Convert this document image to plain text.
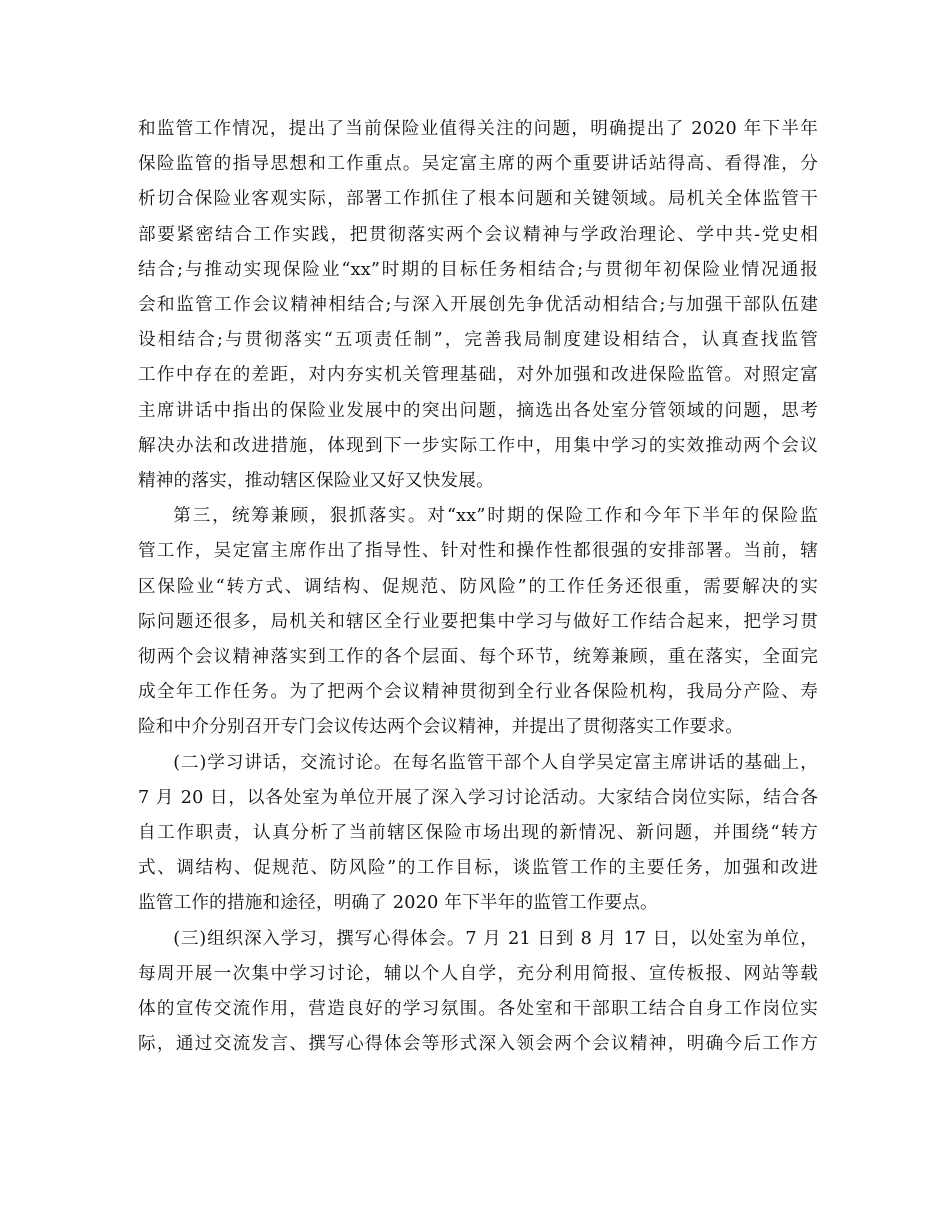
和监管工作情况，提出了当前保险业值得关注的问题，明确提出了 2020 年下半年
保险监管的指导思想和工作重点。吴定富主席的两个重要讲话站得高、看得准，分
析切合保险业客观实际，部署工作抓住了根本问题和关键领域。局机关全体监管干
部要紧密结合工作实践，把贯彻落实两个会议精神与学政治理论、学中共-党史相
结合;与推动实现保险业“xx”时期的目标任务相结合;与贯彻年初保险业情况通报
会和监管工作会议精神相结合;与深入开展创先争优活动相结合;与加强干部队伍建
设相结合;与贯彻落实“五项责任制”，完善我局制度建设相结合，认真查找监管
工作中存在的差距，对内夯实机关管理基础，对外加强和改进保险监管。对照定富
主席讲话中指出的保险业发展中的突出问题，摘选出各处室分管领域的问题，思考
解决办法和改进措施，体现到下一步实际工作中，用集中学习的实效推动两个会议
精神的落实，推动辖区保险业又好又快发展。

第三，统筹兼顾，狠抓落实。对“xx”时期的保险工作和今年下半年的保险监
管工作，吴定富主席作出了指导性、针对性和操作性都很强的安排部署。当前，辖
区保险业“转方式、调结构、促规范、防风险”的工作任务还很重，需要解决的实
际问题还很多，局机关和辖区全行业要把集中学习与做好工作结合起来，把学习贯
彻两个会议精神落实到工作的各个层面、每个环节，统筹兼顾，重在落实，全面完
成全年工作任务。为了把两个会议精神贯彻到全行业各保险机构，我局分产险、寿
险和中介分别召开专门会议传达两个会议精神，并提出了贯彻落实工作要求。

(二)学习讲话，交流讨论。在每名监管干部个人自学吴定富主席讲话的基础上，
7 月 20 日，以各处室为单位开展了深入学习讨论活动。大家结合岗位实际，结合各
自工作职责，认真分析了当前辖区保险市场出现的新情况、新问题，并围绕“转方
式、调结构、促规范、防风险”的工作目标，谈监管工作的主要任务，加强和改进
监管工作的措施和途径，明确了 2020 年下半年的监管工作要点。

(三)组织深入学习，撰写心得体会。7 月 21 日到 8 月 17 日，以处室为单位，
每周开展一次集中学习讨论，辅以个人自学，充分利用简报、宣传板报、网站等载
体的宣传交流作用，营造良好的学习氛围。各处室和干部职工结合自身工作岗位实
际，通过交流发言、撰写心得体会等形式深入领会两个会议精神，明确今后工作方
